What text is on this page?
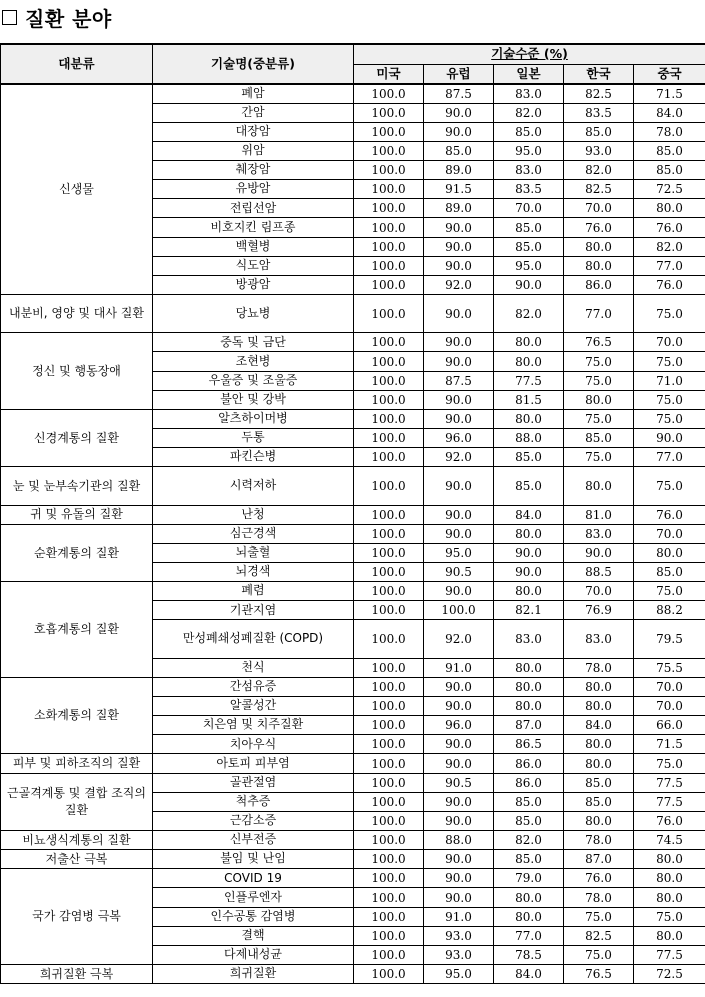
질환 분야
대분류	기술명(중분류)	기술수준 (%)				
		미국	유럽	일본	한국	중국
신생물	폐암	100.0	87.5	83.0	82.5	71.5
	간암	100.0	90.0	82.0	83.5	84.0
	대장암	100.0	90.0	85.0	85.0	78.0
	위암	100.0	85.0	95.0	93.0	85.0
	췌장암	100.0	89.0	83.0	82.0	85.0
	유방암	100.0	91.5	83.5	82.5	72.5
	전립선암	100.0	89.0	70.0	70.0	80.0
	비호지킨 림프종	100.0	90.0	85.0	76.0	76.0
	백혈병	100.0	90.0	85.0	80.0	82.0
	식도암	100.0	90.0	95.0	80.0	77.0
	방광암	100.0	92.0	90.0	86.0	76.0
내분비, 영양 및 대사 질환	당뇨병	100.0	90.0	82.0	77.0	75.0
정신 및 행동장애	중독 및 금단	100.0	90.0	80.0	76.5	70.0
	조현병	100.0	90.0	80.0	75.0	75.0
	우울증 및 조울증	100.0	87.5	77.5	75.0	71.0
	불안 및 강박	100.0	90.0	81.5	80.0	75.0
신경계통의 질환	알츠하이머병	100.0	90.0	80.0	75.0	75.0
	두통	100.0	96.0	88.0	85.0	90.0
	파킨슨병	100.0	92.0	85.0	75.0	77.0
눈 및 눈부속기관의 질환	시력저하	100.0	90.0	85.0	80.0	75.0
귀 및 유돌의 질환	난청	100.0	90.0	84.0	81.0	76.0
순환계통의 질환	심근경색	100.0	90.0	80.0	83.0	70.0
	뇌출혈	100.0	95.0	90.0	90.0	80.0
	뇌경색	100.0	90.5	90.0	88.5	85.0
호흡계통의 질환	폐렴	100.0	90.0	80.0	70.0	75.0
	기관지염	100.0	100.0	82.1	76.9	88.2
	만성폐쇄성폐질환 (COPD)	100.0	92.0	83.0	83.0	79.5
	천식	100.0	91.0	80.0	78.0	75.5
소화계통의 질환	간섬유증	100.0	90.0	80.0	80.0	70.0
	알콜성간	100.0	90.0	80.0	80.0	70.0
	치은염 및 치주질환	100.0	96.0	87.0	84.0	66.0
	치아우식	100.0	90.0	86.5	80.0	71.5
피부 및 피하조직의 질환	아토피 피부염	100.0	90.0	86.0	80.0	75.0
근골격계통 및 결합 조직의 질환	골관절염	100.0	90.5	86.0	85.0	77.5
	척추증	100.0	90.0	85.0	85.0	77.5
	근감소증	100.0	90.0	85.0	80.0	76.0
비뇨생식계통의 질환	신부전증	100.0	88.0	82.0	78.0	74.5
저출산 극복	불임 및 난임	100.0	90.0	85.0	87.0	80.0
국가 감염병 극복	COVID 19	100.0	90.0	79.0	76.0	80.0
	인플루엔자	100.0	90.0	80.0	78.0	80.0
	인수공통 감염병	100.0	91.0	80.0	75.0	75.0
	결핵	100.0	93.0	77.0	82.5	80.0
	다제내성균	100.0	93.0	78.5	75.0	77.5
희귀질환 극복	희귀질환	100.0	95.0	84.0	76.5	72.5
